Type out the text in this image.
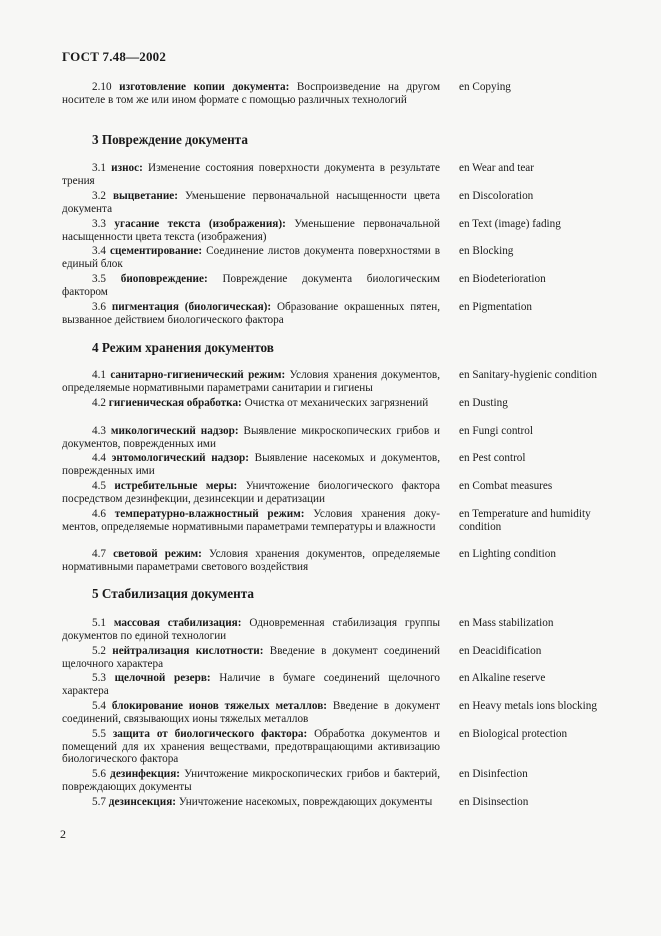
ГОСТ 7.48—2002
3 Повреждение документа
4 Режим хранения документов
5 Стабилизация документа
2.10 изготовление копии документа: Воспроизведение на другом носителе в том же или ином формате с помощью различных технологий
en Copying
3.1 износ: Изменение состояния поверхности документа в результате трения
en Wear and tear
3.2 выцветание: Уменьшение первоначальной насыщенности цвета документа
en Discoloration
3.3 угасание текста (изображения): Уменьшение первоначальной насыщенности цвета текста (изображения)
en Text (image) fading
3.4 сцементирование: Соединение листов документа поверхностями в единый блок
en Blocking
3.5 биоповреждение: Повреждение документа биологическим фактором
en Biodeterioration
3.6 пигментация (биологическая): Образование окрашенных пятен, вызванное действием биологического фактора
en Pigmentation
4.1 санитарно-гигиенический режим: Условия хранения документов, определяемые нормативными параметрами санитарии и гигиены
en Sanitary-hygienic condition
4.2 гигиеническая обработка: Очистка от механических загрязнений	en Dusting
4.3 микологический надзор: Выявление микроскопических грибов и документов, поврежденных ими
en Fungi control
4.4 энтомологический надзор: Выявление насекомых и документов, поврежденных ими
en Pest control
4.5 истребительные меры: Уничтожение биологического фактора посредством дезинфекции, дезинсекции и дератизации
en Combat measures
4.6 температурно-влажностный режим: Условия хранения документов, определяемые нормативными параметрами температуры и влажности
en Temperature and humidity condition
4.7 световой режим: Условия хранения документов, определяемые нормативными параметрами светового воздействия
en Lighting condition
5.1 массовая стабилизация: Одновременная стабилизация группы документов по единой технологии
en Mass stabilization
5.2 нейтрализация кислотности: Введение в документ соединений щелочного характера
en Deacidification
5.3 щелочной резерв: Наличие в бумаге соединений щелочного характера
en Alkaline reserve
5.4 блокирование ионов тяжелых металлов: Введение в документ соединений, связывающих ионы тяжелых металлов
en Heavy metals ions blocking
5.5 защита от биологического фактора: Обработка документов и помещений для их хранения веществами, предотвращающими активизацию биологического фактора
en Biological protection
5.6 дезинфекция: Уничтожение микроскопических грибов и бактерий, повреждающих документы
en Disinfection
5.7 дезинсекция: Уничтожение насекомых, повреждающих документы	en Disinsection
2
